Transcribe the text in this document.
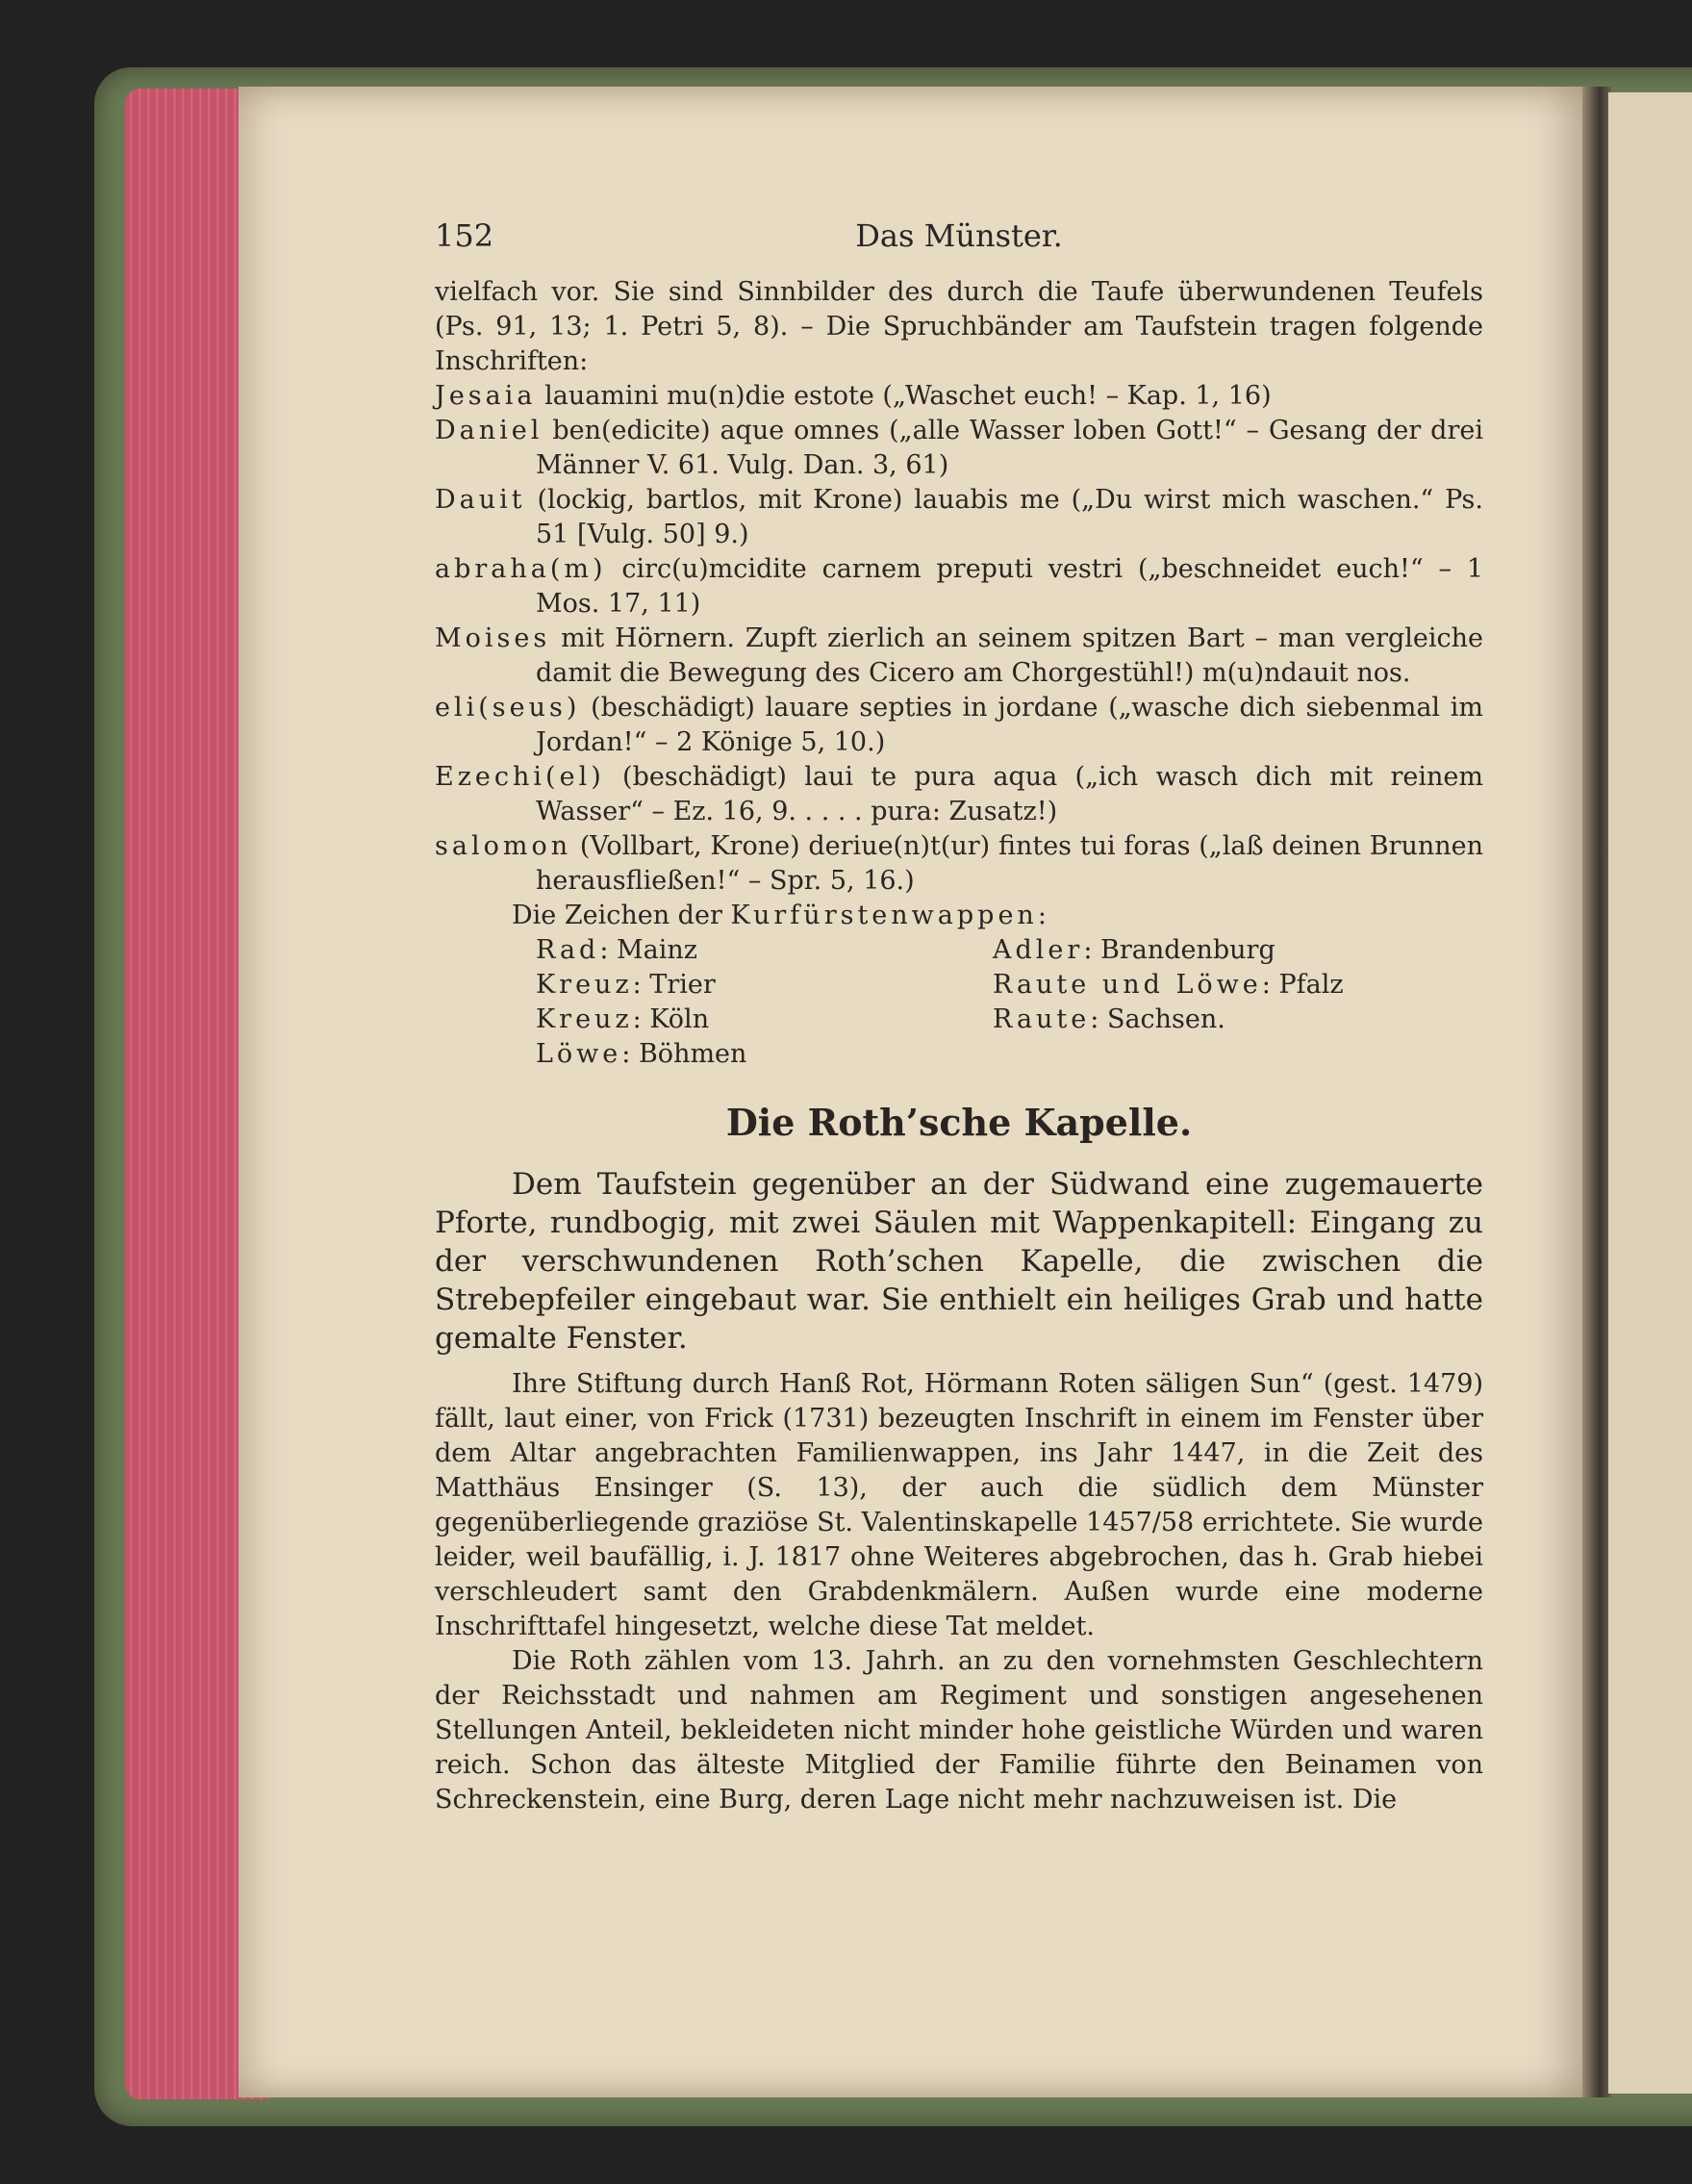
152	Das Münster.

vielfach vor. Sie sind Sinnbilder des durch die Taufe überwundenen Teufels (Ps. 91, 13; 1. Petri 5, 8). – Die Spruchbänder am Taufstein tragen folgende Inschriften:

Jesaia lauamini mu(n)die estote („Waschet euch! – Kap. 1, 16)

Daniel ben(edicite) aque omnes („alle Wasser loben Gott!“ – Gesang der drei Männer V. 61. Vulg. Dan. 3, 61)

Dauit (lockig, bartlos, mit Krone) lauabis me („Du wirst mich waschen.“ Ps. 51 [Vulg. 50] 9.)

abraha(m) circ(u)mcidite carnem preputi vestri („beschneidet euch!“ – 1 Mos. 17, 11)

Moises mit Hörnern. Zupft zierlich an seinem spitzen Bart – man vergleiche damit die Bewegung des Cicero am Chorgestühl!) m(u)ndauit nos.

eli(seus) (beschädigt) lauare septies in jordane („wasche dich siebenmal im Jordan!“ – 2 Könige 5, 10.)

Ezechi(el) (beschädigt) laui te pura aqua („ich wasch dich mit reinem Wasser“ – Ez. 16, 9. . . . . pura: Zusatz!)

salomon (Vollbart, Krone) deriue(n)t(ur) fintes tui foras („laß deinen Brunnen herausfließen!“ – Spr. 5, 16.)

Die Zeichen der Kurfürstenwappen:

Rad: Mainz	Adler: Brandenburg
Kreuz: Trier	Raute und Löwe: Pfalz
Kreuz: Köln	Raute: Sachsen.
Löwe: Böhmen
Die Roth’sche Kapelle.

Dem Taufstein gegenüber an der Südwand eine zugemauerte Pforte, rundbogig, mit zwei Säulen mit Wappenkapitell: Eingang zu der verschwundenen Roth’schen Kapelle, die zwischen die Strebepfeiler eingebaut war. Sie enthielt ein heiliges Grab und hatte gemalte Fenster.

Ihre Stiftung durch Hanß Rot, Hörmann Roten säligen Sun“ (gest. 1479) fällt, laut einer, von Frick (1731) bezeugten Inschrift in einem im Fenster über dem Altar angebrachten Familienwappen, ins Jahr 1447, in die Zeit des Matthäus Ensinger (S. 13), der auch die südlich dem Münster gegenüberliegende graziöse St. Valentinskapelle 1457/58 errichtete. Sie wurde leider, weil baufällig, i. J. 1817 ohne Weiteres abgebrochen, das h. Grab hiebei verschleudert samt den Grabdenkmälern. Außen wurde eine moderne Inschrifttafel hingesetzt, welche diese Tat meldet.

Die Roth zählen vom 13. Jahrh. an zu den vornehmsten Geschlechtern der Reichsstadt und nahmen am Regiment und sonstigen angesehenen Stellungen Anteil, bekleideten nicht minder hohe geistliche Würden und waren reich. Schon das älteste Mitglied der Familie führte den Beinamen von Schreckenstein, eine Burg, deren Lage nicht mehr nachzuweisen ist. Die
